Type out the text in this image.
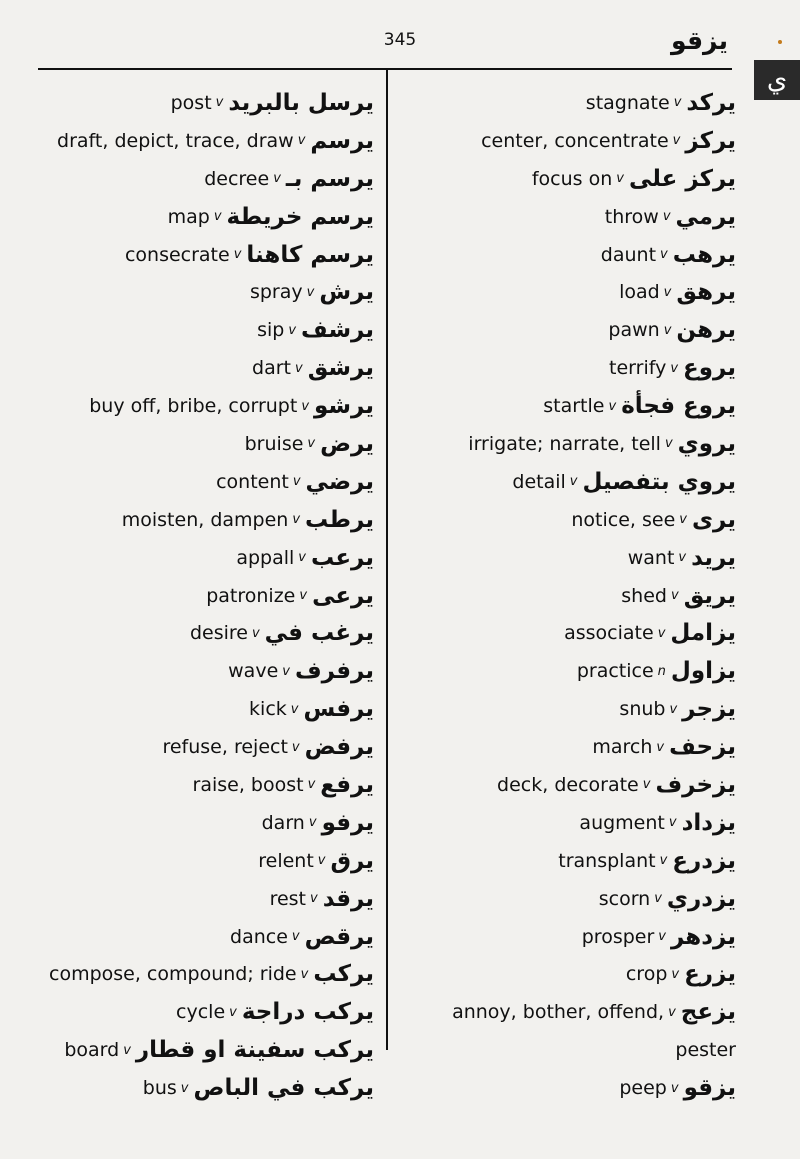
345	يزقو
ي
post v يرسل بالبريد
draft, depict, trace, draw v يرسم
decree v يرسم بـ
map v يرسم خريطة
consecrate v يرسم كاهنا
spray v يرش
sip v يرشف
dart v يرشق
buy off, bribe, corrupt v يرشو
bruise v يرض
content v يرضي
moisten, dampen v يرطب
appall v يرعب
patronize v يرعى
desire v يرغب في
wave v يرفرف
kick v يرفس
refuse, reject v يرفض
raise, boost v يرفع
darn v يرفو
relent v يرق
rest v يرقد
dance v يرقص
compose, compound; ride v يركب
cycle v يركب دراجة
board v يركب سفينة او قطار
bus v يركب في الباص
stagnate v يركد
center, concentrate v يركز
focus on v يركز على
throw v يرمي
daunt v يرهب
load v يرهق
pawn v يرهن
terrify v يروع
startle v يروع فجأة
irrigate; narrate, tell v يروي
detail v يروي بتفصيل
notice, see v يرى
want v يريد
shed v يريق
associate v يزامل
practice n يزاول
snub v يزجر
march v يزحف
deck, decorate v يزخرف
augment v يزداد
transplant v يزدرع
scorn v يزدري
prosper v يزدهر
crop v يزرع
annoy, bother, offend, v يزعج
pester
peep v يزقو
